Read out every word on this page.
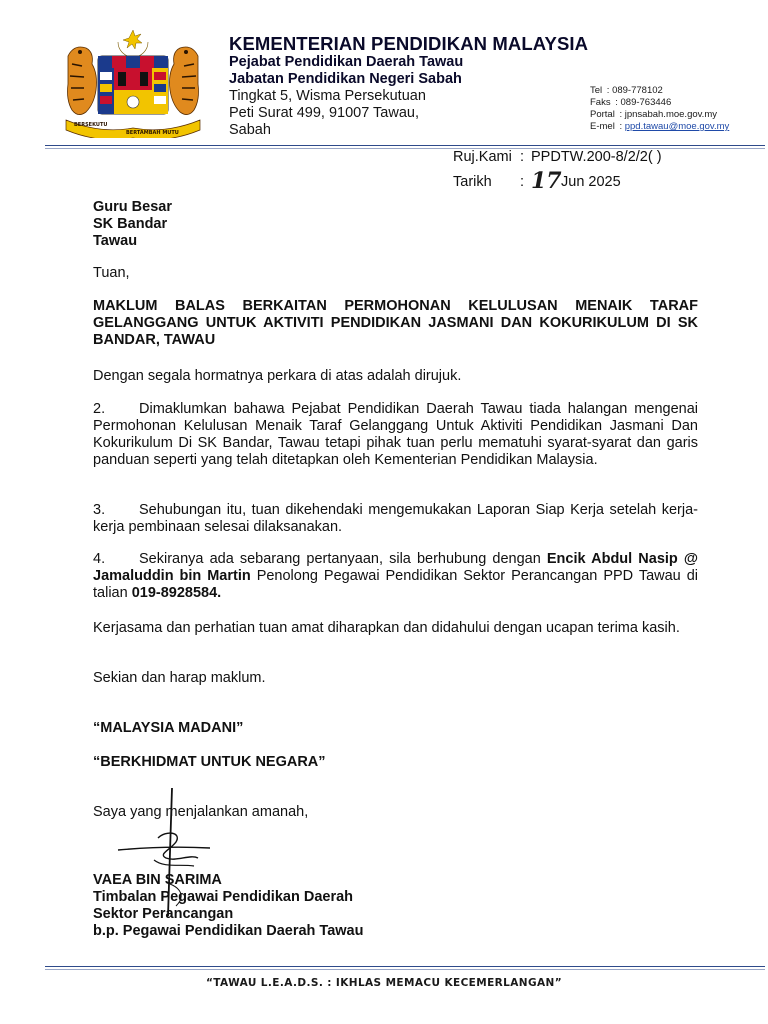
BERSEKUTU
BERTAMBAH MUTU
KEMENTERIAN PENDIDIKAN MALAYSIA
Pejabat Pendidikan Daerah Tawau
Jabatan Pendidikan Negeri Sabah
Tingkat 5, Wisma Persekutuan
Peti Surat 499, 91007 Tawau,
Sabah
Tel : 089-778102
Faks : 089-763446
Portal : jpnsabah.moe.gov.my
E-mel : ppd.tawau@moe.gov.my
Ruj.Kami : PPDTW.200-8/2/2( )
Tarikh : 17Jun 2025
Guru Besar
SK Bandar
Tawau
Tuan,
MAKLUM BALAS BERKAITAN PERMOHONAN KELULUSAN MENAIK TARAF GELANGGANG UNTUK AKTIVITI PENDIDIKAN JASMANI DAN KOKURIKULUM DI SK BANDAR, TAWAU
Dengan segala hormatnya perkara di atas adalah dirujuk.
2. Dimaklumkan bahawa Pejabat Pendidikan Daerah Tawau tiada halangan mengenai Permohonan Kelulusan Menaik Taraf Gelanggang Untuk Aktiviti Pendidikan Jasmani Dan Kokurikulum Di SK Bandar, Tawau tetapi pihak tuan perlu mematuhi syarat-syarat dan garis panduan seperti yang telah ditetapkan oleh Kementerian Pendidikan Malaysia.
3. Sehubungan itu, tuan dikehendaki mengemukakan Laporan Siap Kerja setelah kerja-kerja pembinaan selesai dilaksanakan.
4. Sekiranya ada sebarang pertanyaan, sila berhubung dengan Encik Abdul Nasip @ Jamaluddin bin Martin Penolong Pegawai Pendidikan Sektor Perancangan PPD Tawau di talian 019-8928584.
Kerjasama dan perhatian tuan amat diharapkan dan didahului dengan ucapan terima kasih.
Sekian dan harap maklum.
“MALAYSIA MADANI”
“BERKHIDMAT UNTUK NEGARA”
Saya yang menjalankan amanah,
VAEA BIN SARIMA
Timbalan Pegawai Pendidikan Daerah
Sektor Perancangan
b.p. Pegawai Pendidikan Daerah Tawau
“TAWAU L.E.A.D.S. : IKHLAS MEMACU KECEMERLANGAN”
